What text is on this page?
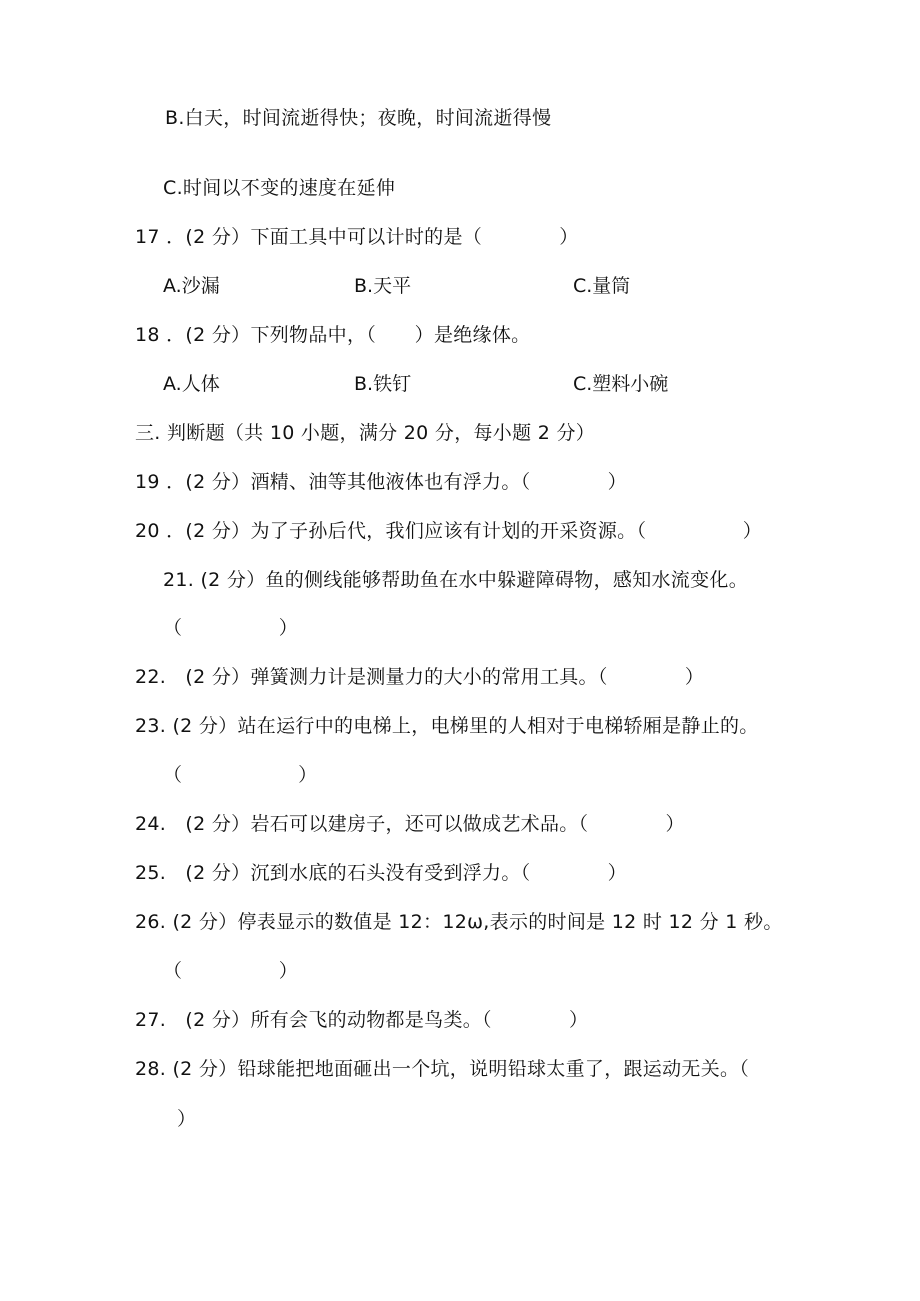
B.白天，时间流逝得快；夜晚，时间流逝得慢
C.时间以不变的速度在延伸
17 ．(2 分）下面工具中可以计时的是（　　　　）
A.沙漏	B.天平	C.量筒
18 ．(2 分）下列物品中，（　　）是绝缘体。
A.人体	B.铁钉	C.塑料小碗
三. 判断题（共 10 小题，满分 20 分，每小题 2 分）
19 ．(2 分）酒精、油等其他液体也有浮力。（　　　　）
20 ．(2 分）为了子孙后代，我们应该有计划的开采资源。（　　　　　）
21. (2 分）鱼的侧线能够帮助鱼在水中躲避障碍物，感知水流变化。
（　　　　　）
22.　(2 分）弹簧测力计是测量力的大小的常用工具。（　　　　）
23. (2 分）站在运行中的电梯上，电梯里的人相对于电梯轿厢是静止的。
（　　　　　　）
24.　(2 分）岩石可以建房子，还可以做成艺术品。（　　　　）
25.　(2 分）沉到水底的石头没有受到浮力。（　　　　）
26. (2 分）停表显示的数值是 12：12ω,表示的时间是 12 时 12 分 1 秒。
（　　　　　）
27.　(2 分）所有会飞的动物都是鸟类。（　　　　）
28. (2 分）铅球能把地面砸出一个坑，说明铅球太重了，跟运动无关。（
）
